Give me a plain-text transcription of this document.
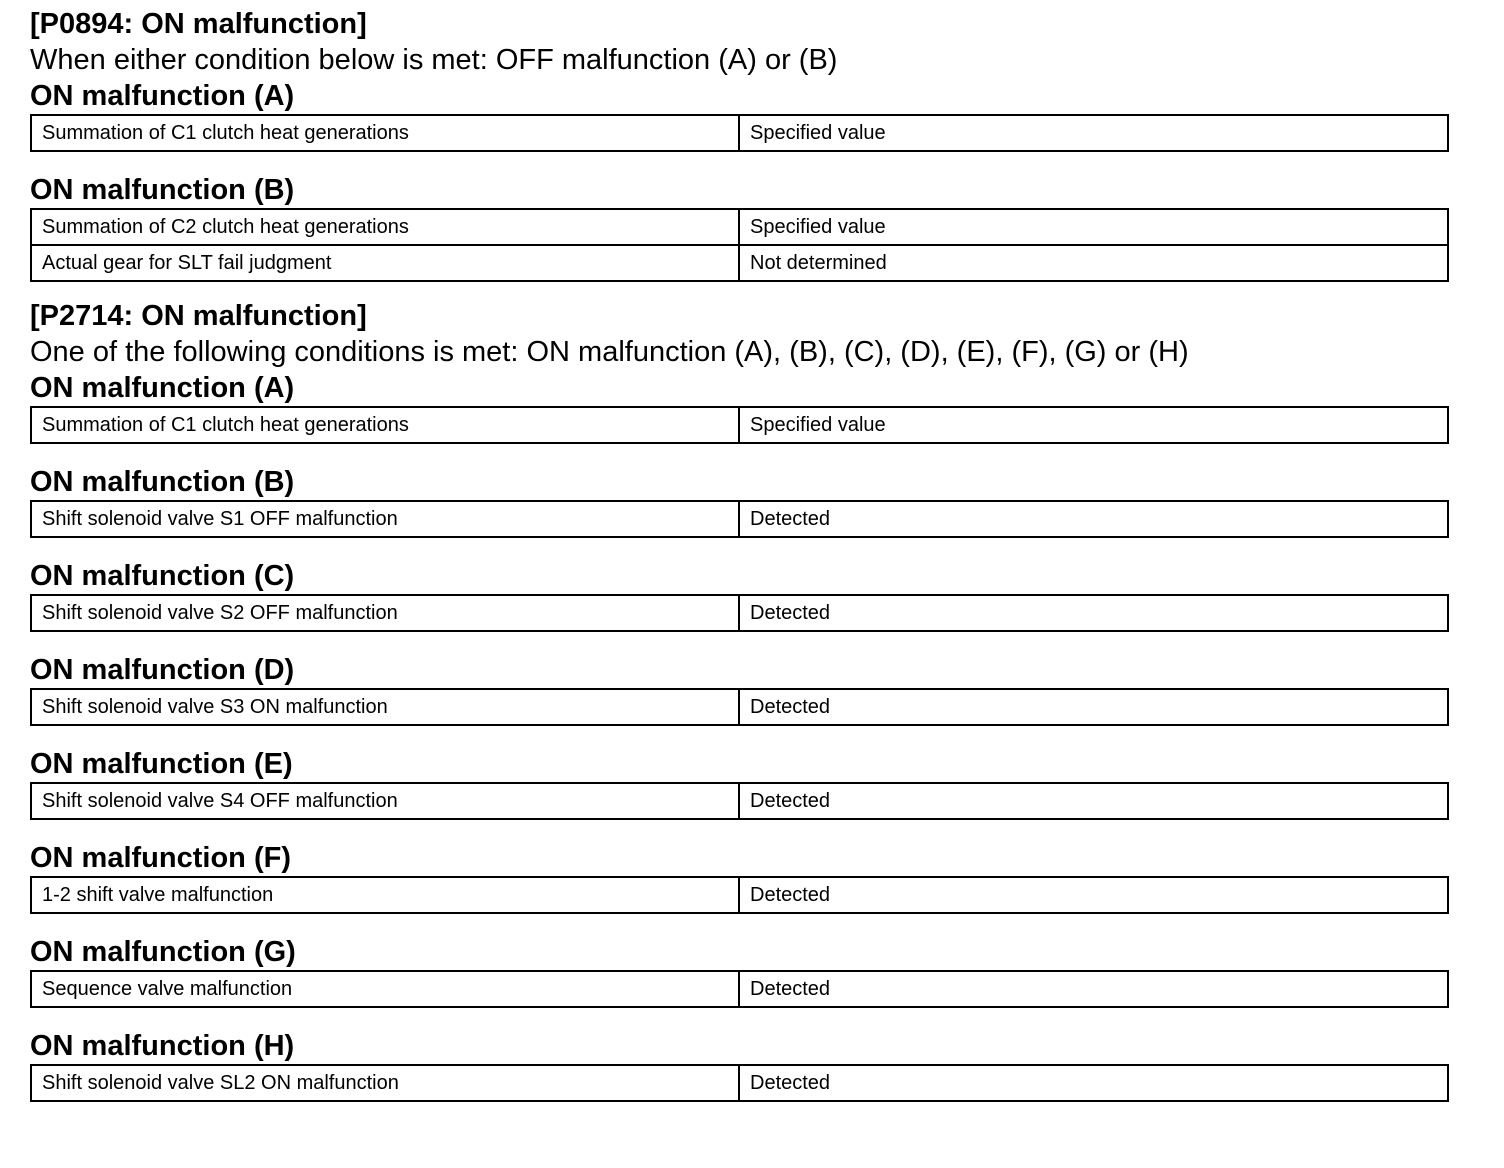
[P0894: ON malfunction]

When either condition below is met: OFF malfunction (A) or (B)

ON malfunction (A)

Summation of C1 clutch heat generations	Specified value

ON malfunction (B)

Summation of C2 clutch heat generations	Specified value
Actual gear for SLT fail judgment	Not determined

[P2714: ON malfunction]

One of the following conditions is met: ON malfunction (A), (B), (C), (D), (E), (F), (G) or (H)

ON malfunction (A)

Summation of C1 clutch heat generations	Specified value

ON malfunction (B)

Shift solenoid valve S1 OFF malfunction	Detected

ON malfunction (C)

Shift solenoid valve S2 OFF malfunction	Detected

ON malfunction (D)

Shift solenoid valve S3 ON malfunction	Detected

ON malfunction (E)

Shift solenoid valve S4 OFF malfunction	Detected

ON malfunction (F)

1-2 shift valve malfunction	Detected

ON malfunction (G)

Sequence valve malfunction	Detected

ON malfunction (H)

Shift solenoid valve SL2 ON malfunction	Detected
